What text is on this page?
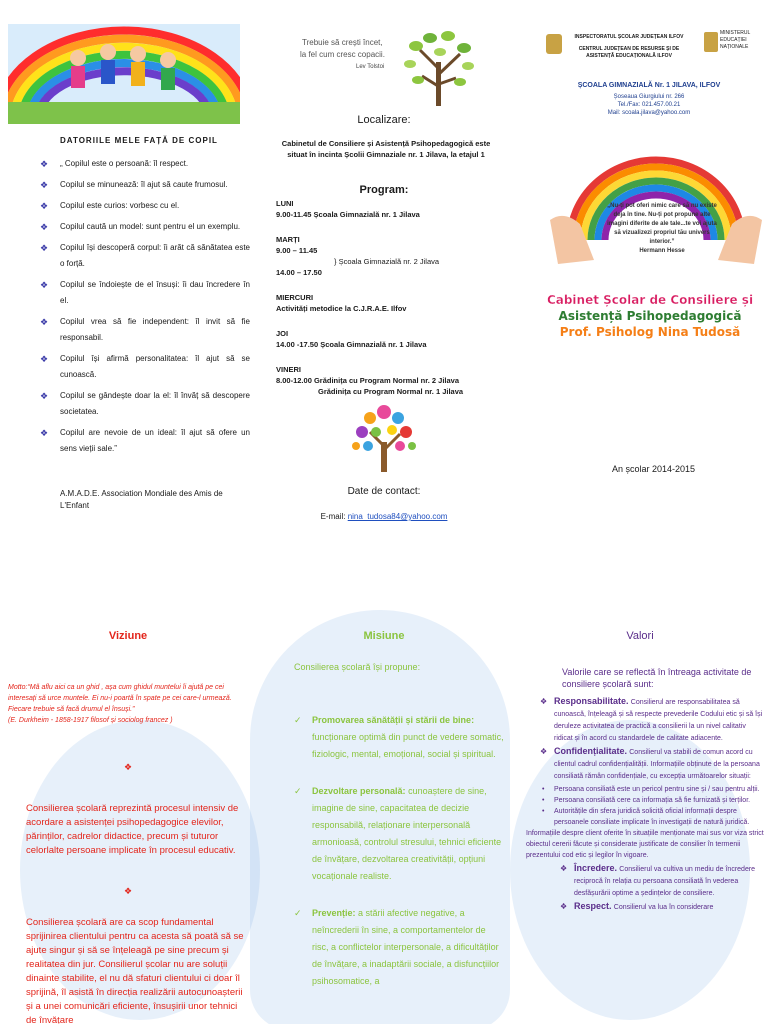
DATORIILE MELE FAȚĂ DE COPIL
❖ „ Copilul este o persoană: îl respect.
❖ Copilul se minunează: îl ajut să caute frumosul.
❖ Copilul este curios: vorbesc cu el.
❖ Copilul caută un model: sunt pentru el un exemplu.
❖ Copilul își descoperă corpul: îi arăt că sănătatea este o forță.
❖ Copilul se îndoiește de el însuși: îi dau încredere în el.
❖ Copilul vrea să fie independent: îl invit să fie responsabil.
❖ Copilul își afirmă personalitatea: îl ajut să se cunoască.
❖ Copilul se gândește doar la el: îl învăț să descopere societatea.
❖ Copilul are nevoie de un ideal: îl ajut să ofere un sens vieții sale.”
A.M.A.D.E. Association Mondiale des Amis de L'Enfant
Trebuie să crești încet,
la fel cum cresc copacii.
Lev Tolstoi
Localizare:
Cabinetul de Consiliere și Asistență Psihopedagogică este situat în incinta Școlii Gimnaziale nr. 1 Jilava, la etajul 1
Program:

LUNI

9.00-11.45 Școala Gimnazială nr. 1 Jilava

MARȚI

9.00 – 11.45

} Școala Gimnazială nr. 2 Jilava

14.00 – 17.50

MIERCURI

Activități metodice la C.J.R.A.E. Ilfov

JOI

14.00 -17.50 Școala Gimnazială nr. 1 Jilava

VINERI

8.00-12.00 Grădinița cu Program Normal nr. 2 Jilava

Grădinița cu Program Normal nr. 1 Jilava

Date de contact:
E-mail: nina_tudosa84@yahoo.com
INSPECTORATUL ȘCOLAR JUDEȚEAN ILFOV
CENTRUL JUDEȚEAN DE RESURSE ȘI DE
ASISTENȚĂ EDUCAȚIONALĂ ILFOV
MINISTERUL EDUCAȚIEI NAȚIONALE
ȘCOALA GIMNAZIALĂ Nr. 1 JILAVA, ILFOV
Șoseaua Giurgiului nr. 266
Tel./Fax: 021.457.00.21
Mail: scoala.jilava@yahoo.com
„Nu-ți pot oferi nimic care să nu existe deja în tine. Nu-ți pot propune alte imagini diferite de ale tale...te voi ajuta să vizualizezi propriul tău univers interior.”
Hermann Hesse
Cabinet Școlar de Consiliere și
Asistență Psihopedagogică
Prof. Psiholog Nina Tudosă
An școlar 2014-2015
Viziune
Motto:“Mă aflu aici ca un ghid , așa cum ghidul muntelui îi ajută pe cei interesați să urce muntele. Ei nu-i poartă în spate pe cei care-l urmează. Fiecare trebuie să facă drumul el însuși.”
(E. Durkheim - 1858-1917 filosof și sociolog francez )
❖
Consilierea școlară reprezintă procesul intensiv de acordare a asistenței psihopedagogice elevilor, părinților, cadrelor didactice, precum și tuturor celorlalte persoane implicate în procesul educativ.
❖
Consilierea școlară are ca scop fundamental sprijinirea clientului pentru ca acesta să poată să se ajute singur și să se înțeleagă pe sine precum și realitatea din jur. Consilierul școlar nu are soluții dinainte stabilite, el nu dă sfaturi clientului ci doar îl sprijină, îl asistă în direcția realizării autocunoașterii și a unei comunicări eficiente, însușirii unor tehnici de învățare
Misiune
Consilierea școlară își propune:
✓ Promovarea sănătății și stării de bine: funcționare optimă din punct de vedere somatic, fiziologic, mental, emoțional, social și spiritual.
✓ Dezvoltare personală: cunoaștere de sine, imagine de sine, capacitatea de decizie responsabilă, relaționare interpersonală armonioasă, controlul stresului, tehnici eficiente de învățare, dezvoltarea creativității, opțiuni vocaționale realiste.
✓ Prevenție: a stării afective negative, a neîncrederii în sine, a comportamentelor de risc, a conflictelor interpersonale, a dificultăților de învățare, a inadaptării sociale, a disfuncțiilor psihosomatice, a
Valori
Valorile care se reflectă în întreaga activitate de consiliere școlară sunt:
❖ Responsabilitate. Consilierul are responsabilitatea să cunoască, înțeleagă și să respecte prevederile Codului etic și să își deruleze activitatea de practică a consilierii la un nivel calitativ ridicat și în acord cu standardele de calitate adiacente.
❖ Confidențialitate. Consilierul va stabili de comun acord cu clientul cadrul confidențialității. Informațiile obținute de la persoana consiliată rămân confidențiale, cu excepția următoarelor situații:
• Persoana consiliată este un pericol pentru sine și / sau pentru alții.
• Persoana consiliată cere ca informația să fie furnizată și terților.
• Autoritățile din sfera juridică solicită oficial informații despre persoanele consiliate implicate în investigații de natură juridică.
Informațiile despre client oferite în situațiile menționate mai sus vor viza strict obiectul cererii făcute și considerate justificate de consilier în termenii prezentului cod etic și legilor în vigoare.
❖ Încredere. Consilierul va cultiva un mediu de încredere reciprocă în relația cu persoana consiliată în vederea desfășurării optime a ședințelor de consiliere.
❖ Respect. Consilierul va lua în considerare
